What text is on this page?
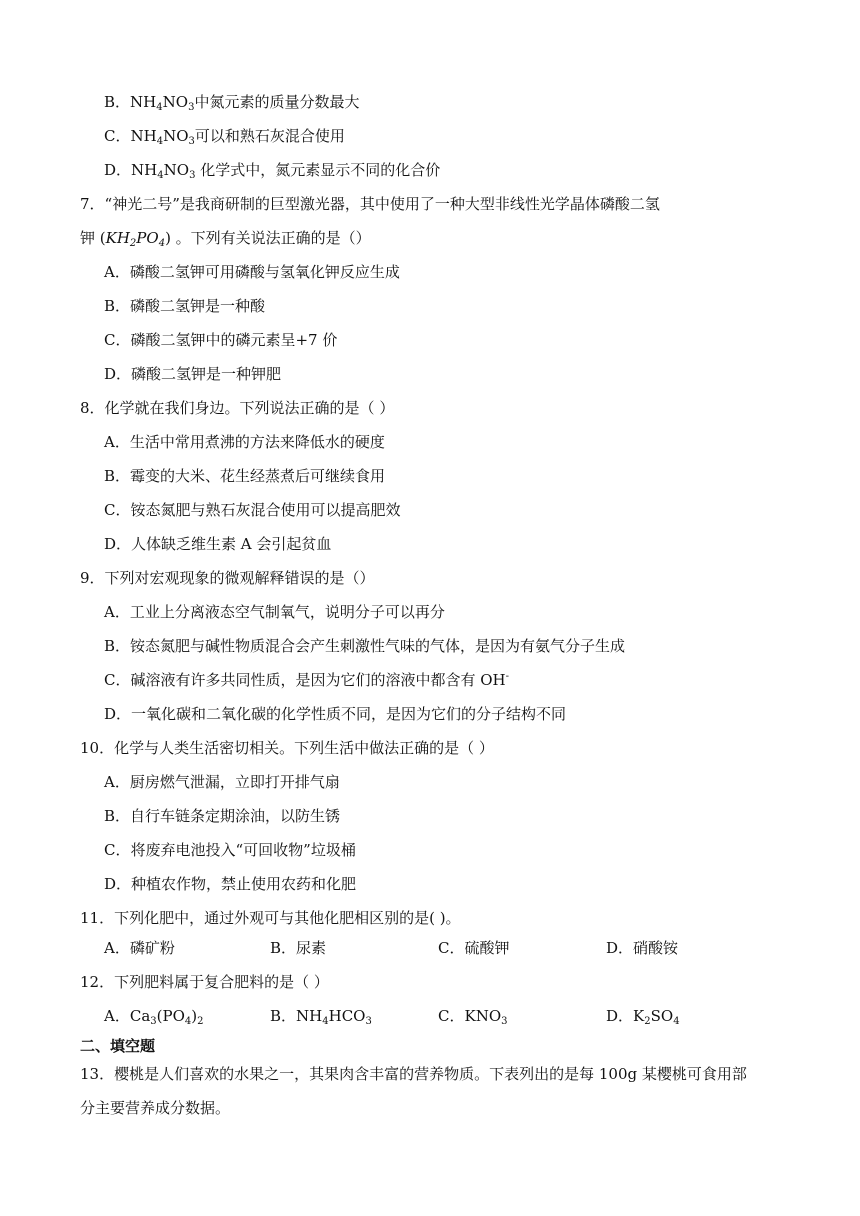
B．$NH_4NO_3$中氮元素的质量分数最大
C．$NH_4NO_3$可以和熟石灰混合使用
D．$NH_4NO_3$ 化学式中，氮元素显示不同的化合价
7．“神光二号”是我商研制的巨型激光器，其中使用了一种大型非线性光学晶体磷酸二氢
钾 $(KH_2PO_4)$ 。下列有关说法正确的是（）
A．磷酸二氢钾可用磷酸与氢氧化钾反应生成
B．磷酸二氢钾是一种酸
C．磷酸二氢钾中的磷元素呈+7 价
D．磷酸二氢钾是一种钾肥
8．化学就在我们身边。下列说法正确的是（ ）
A．生活中常用煮沸的方法来降低水的硬度
B．霉变的大米、花生经蒸煮后可继续食用
C．铵态氮肥与熟石灰混合使用可以提高肥效
D．人体缺乏维生素 A 会引起贫血
9．下列对宏观现象的微观解释错误的是（）
A．工业上分离液态空气制氧气，说明分子可以再分
B．铵态氮肥与碱性物质混合会产生刺激性气味的气体，是因为有氨气分子生成
C．碱溶液有许多共同性质，是因为它们的溶液中都含有 OH-
D．一氧化碳和二氧化碳的化学性质不同，是因为它们的分子结构不同
10．化学与人类生活密切相关。下列生活中做法正确的是（ ）
A．厨房燃气泄漏，立即打开排气扇
B．自行车链条定期涂油，以防生锈
C．将废弃电池投入“可回收物”垃圾桶
D．种植农作物，禁止使用农药和化肥
11．下列化肥中，通过外观可与其他化肥相区别的是( )。
A．磷矿粉	B．尿素	C．硫酸钾	D．硝酸铵
12．下列肥料属于复合肥料的是（ ）
A．$Ca_3(PO_4)_2$	B．$NH_4HCO_3$	C．$KNO_3$	D．$K_2SO_4$
二、填空题
13．樱桃是人们喜欢的水果之一，其果肉含丰富的营养物质。下表列出的是每 100g 某樱桃可食用部
分主要营养成分数据。
